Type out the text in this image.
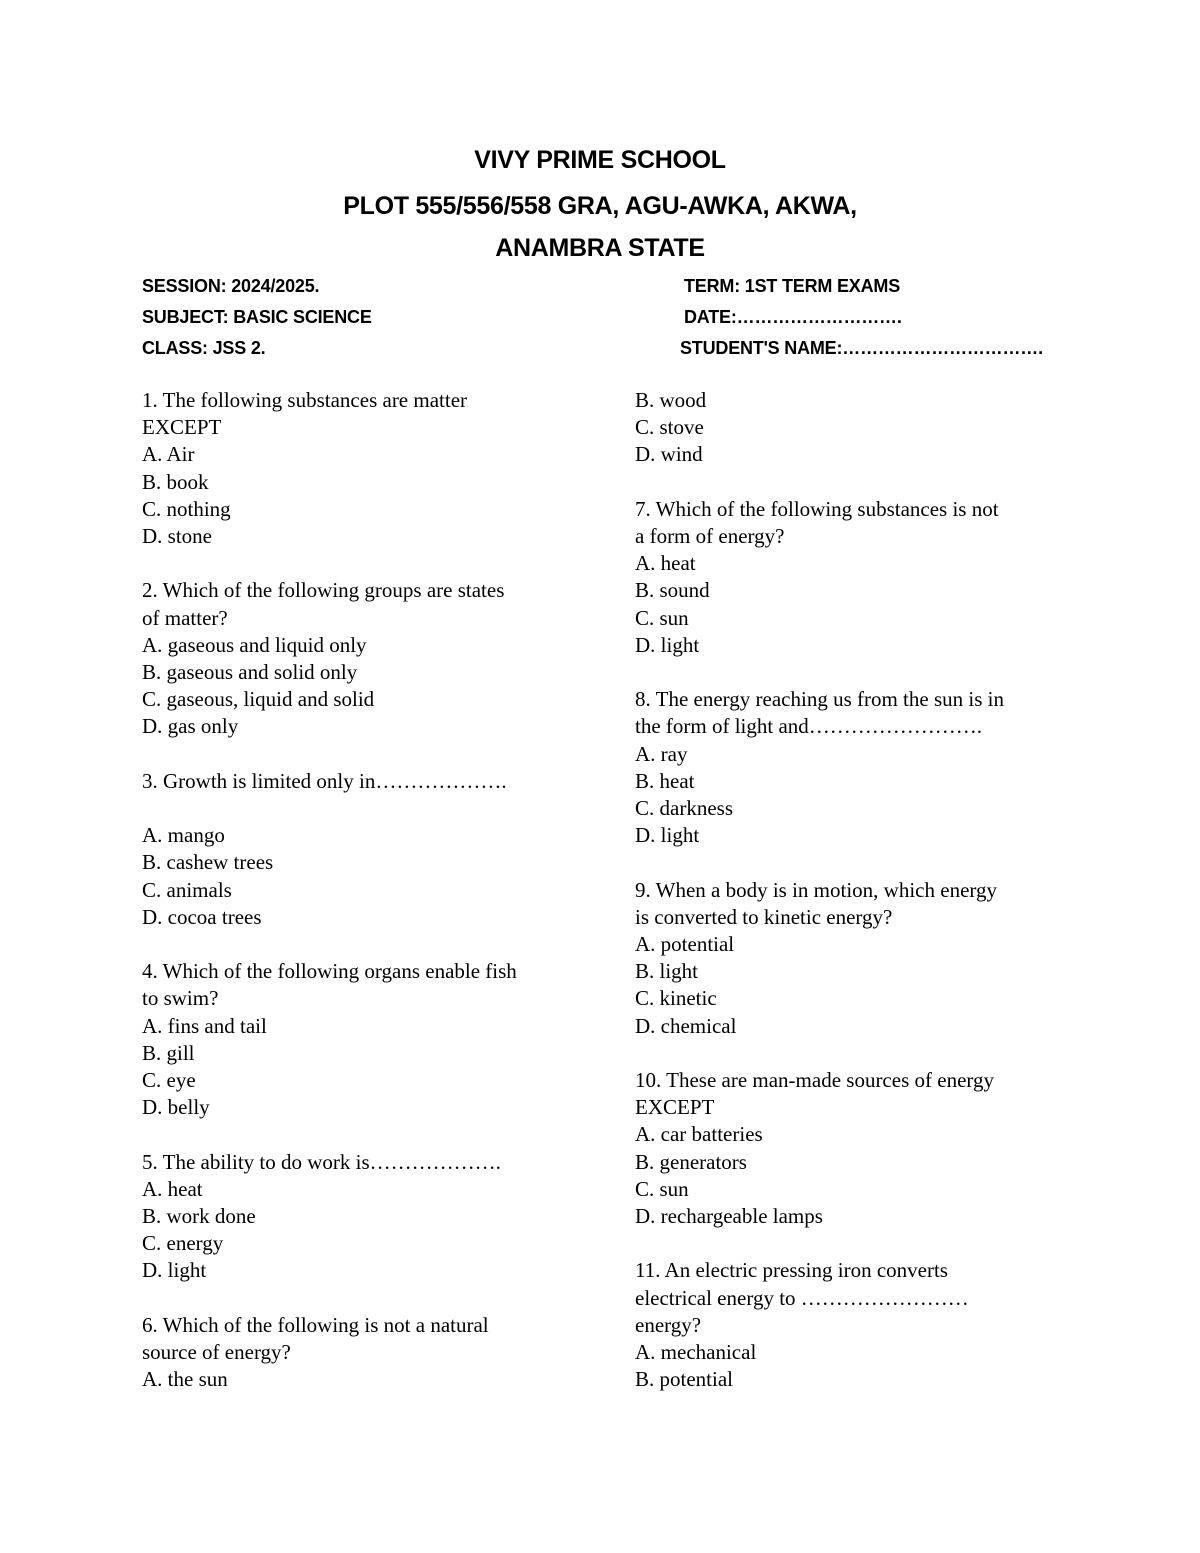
VIVY PRIME SCHOOL
PLOT 555/556/558 GRA, AGU-AWKA, AKWA,
ANAMBRA STATE
SESSION: 2024/2025.	TERM: 1ST TERM EXAMS
SUBJECT: BASIC SCIENCE	DATE:……………………….
CLASS: JSS 2.	STUDENT'S NAME:…………………………….
1. The following substances are matter
EXCEPT
A. Air
B. book
C. nothing
D. stone
2. Which of the following groups are states
of matter?
A. gaseous and liquid only
B. gaseous and solid only
C. gaseous, liquid and solid
D. gas only
3. Growth is limited only in……………….
A. mango
B. cashew trees
C. animals
D. cocoa trees
4. Which of the following organs enable fish
to swim?
A. fins and tail
B. gill
C. eye
D. belly
5. The ability to do work is……………….
A. heat
B. work done
C. energy
D. light
6. Which of the following is not a natural
source of energy?
A. the sun
B. wood
C. stove
D. wind
7. Which of the following substances is not
a form of energy?
A. heat
B. sound
C. sun
D. light
8. The energy reaching us from the sun is in
the form of light and…………………….
A. ray
B. heat
C. darkness
D. light
9. When a body is in motion, which energy
is converted to kinetic energy?
A. potential
B. light
C. kinetic
D. chemical
10. These are man-made sources of energy
EXCEPT
A. car batteries
B. generators
C. sun
D. rechargeable lamps
11. An electric pressing iron converts
electrical energy to ……………………
energy?
A. mechanical
B. potential
